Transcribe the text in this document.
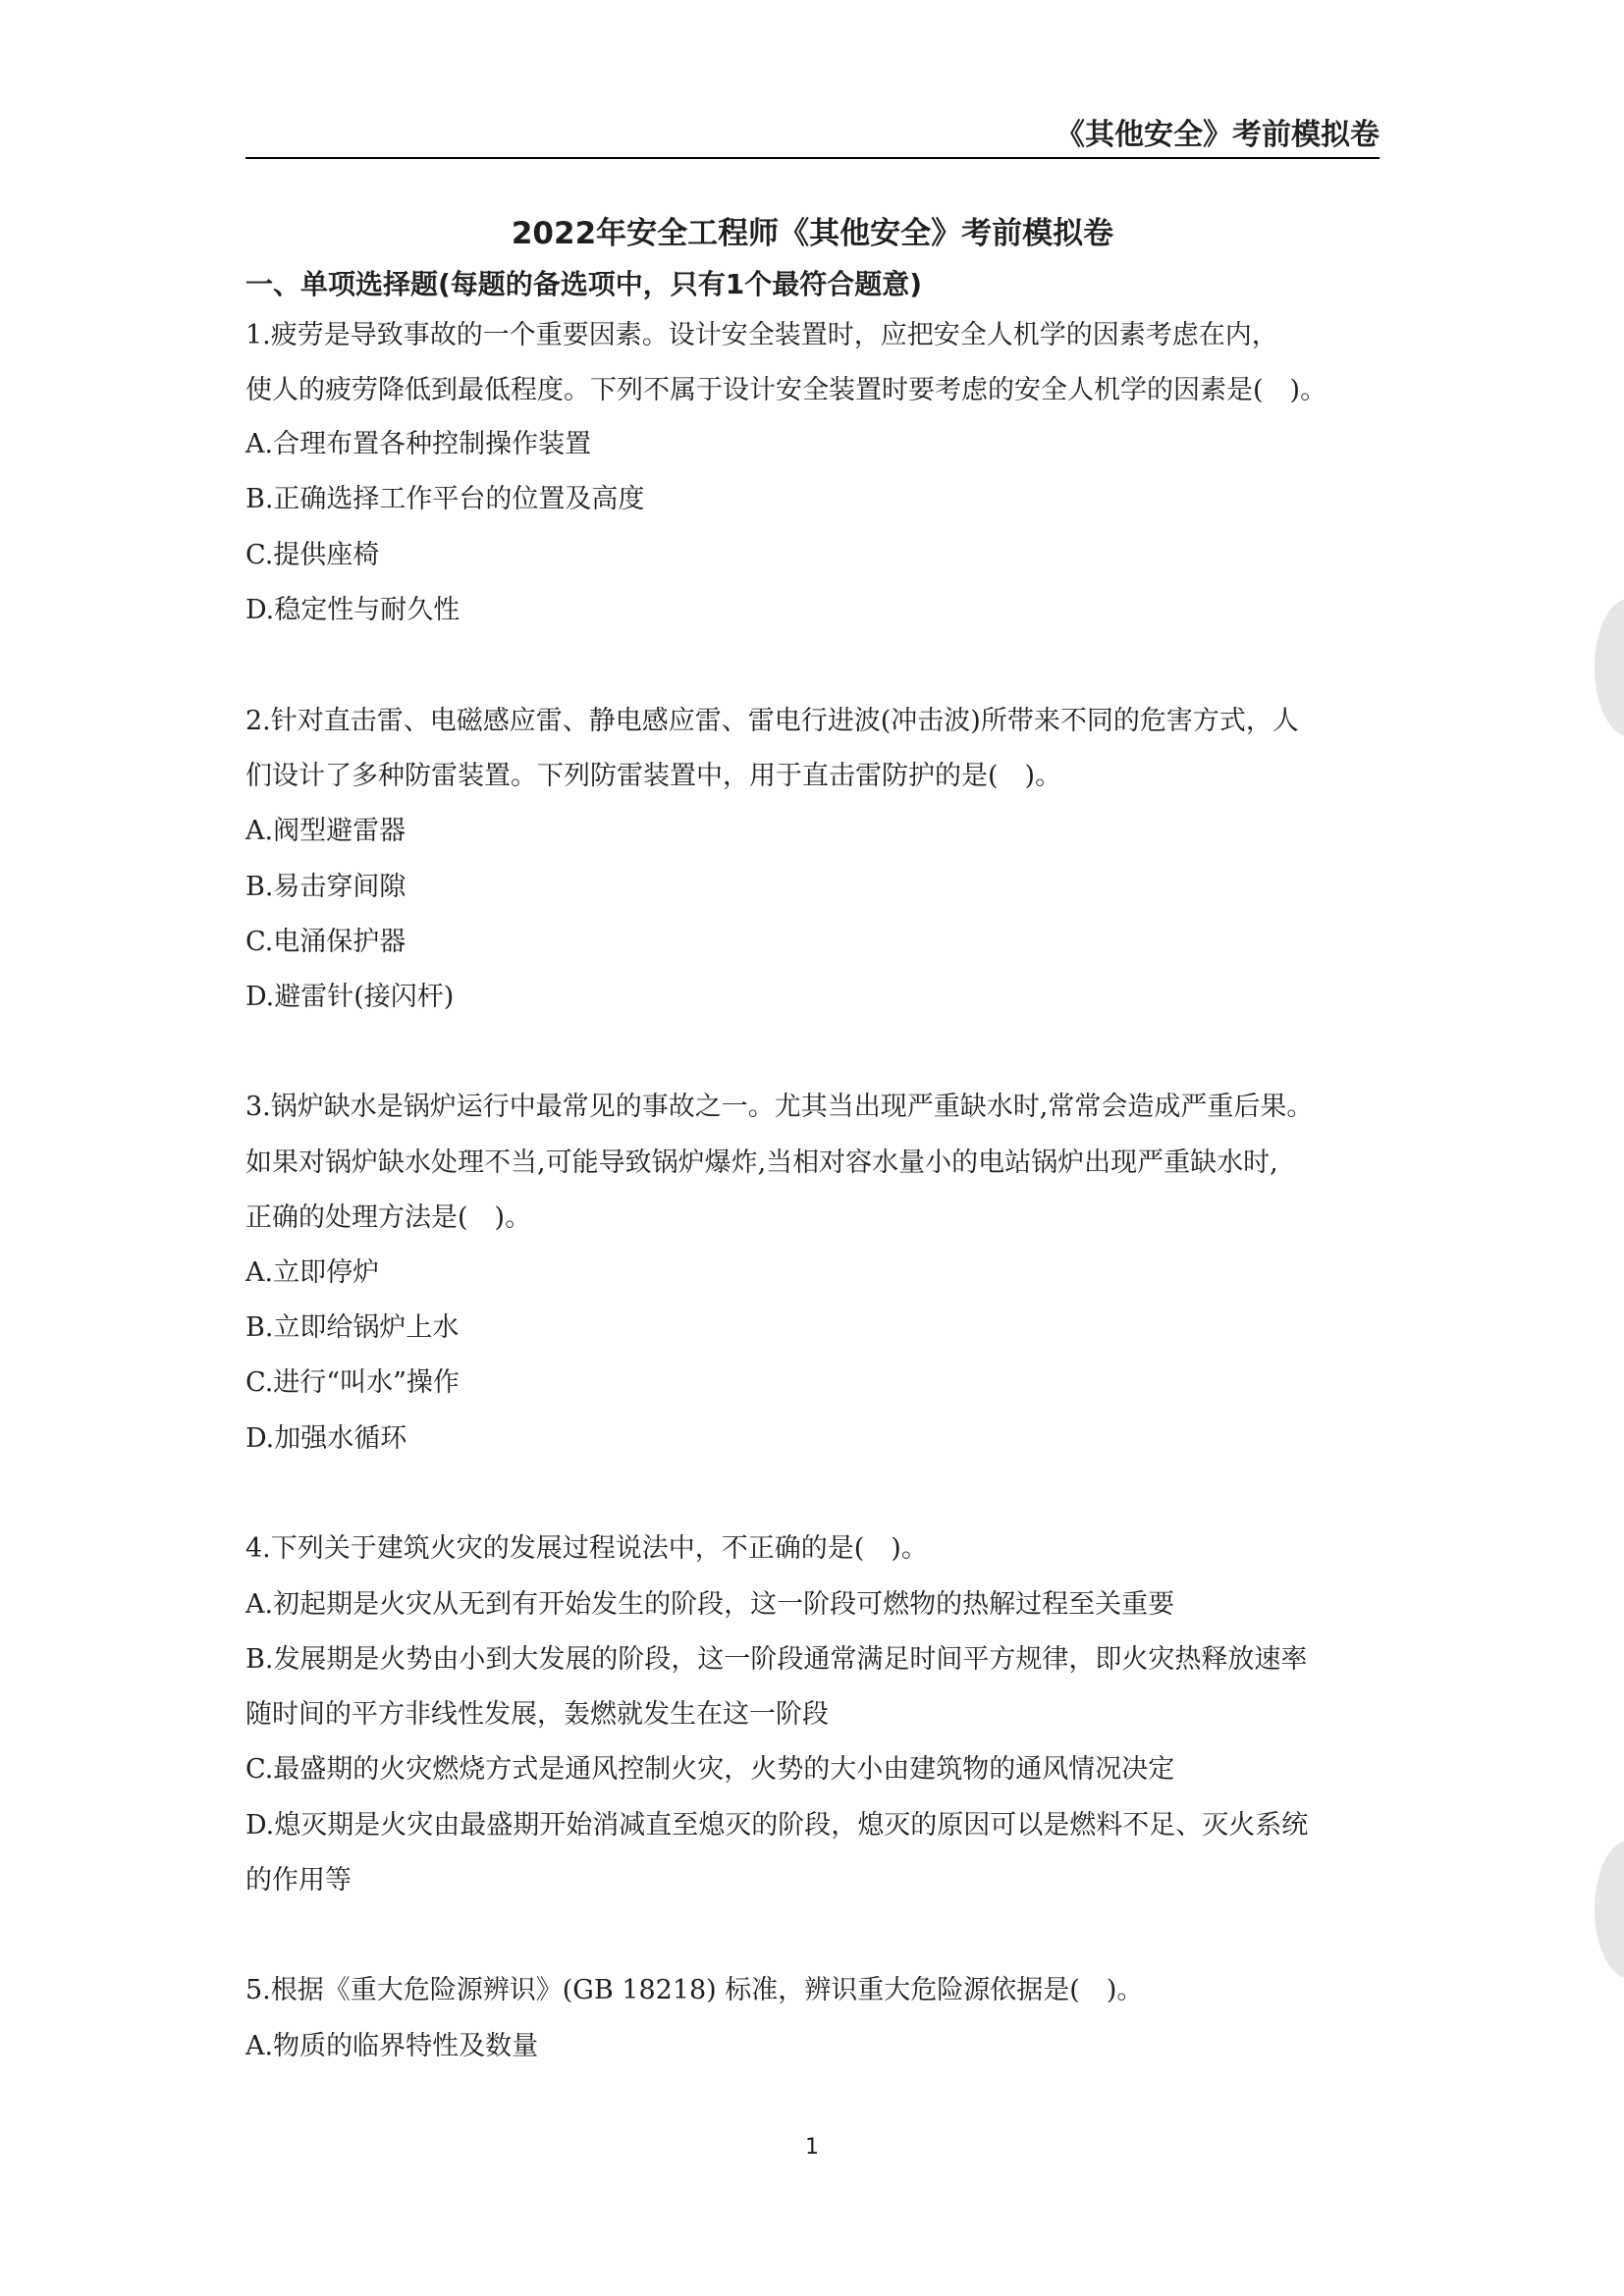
《其他安全》考前模拟卷
2022年安全工程师《其他安全》考前模拟卷
一、单项选择题(每题的备选项中，只有1个最符合题意)
1.疲劳是导致事故的一个重要因素。设计安全装置时，应把安全人机学的因素考虑在内，
使人的疲劳降低到最低程度。下列不属于设计安全装置时要考虑的安全人机学的因素是(　)。
A.合理布置各种控制操作装置
B.正确选择工作平台的位置及高度
C.提供座椅
D.稳定性与耐久性
2.针对直击雷、电磁感应雷、静电感应雷、雷电行进波(冲击波)所带来不同的危害方式，人
们设计了多种防雷装置。下列防雷装置中，用于直击雷防护的是(　)。
A.阀型避雷器
B.易击穿间隙
C.电涌保护器
D.避雷针(接闪杆)
3.锅炉缺水是锅炉运行中最常见的事故之一。尤其当出现严重缺水时,常常会造成严重后果。
如果对锅炉缺水处理不当,可能导致锅炉爆炸,当相对容水量小的电站锅炉出现严重缺水时,
正确的处理方法是(　)。
A.立即停炉
B.立即给锅炉上水
C.进行“叫水”操作
D.加强水循环
4.下列关于建筑火灾的发展过程说法中，不正确的是(　)。
A.初起期是火灾从无到有开始发生的阶段，这一阶段可燃物的热解过程至关重要
B.发展期是火势由小到大发展的阶段，这一阶段通常满足时间平方规律，即火灾热释放速率
随时间的平方非线性发展，轰燃就发生在这一阶段
C.最盛期的火灾燃烧方式是通风控制火灾，火势的大小由建筑物的通风情况决定
D.熄灭期是火灾由最盛期开始消减直至熄灭的阶段，熄灭的原因可以是燃料不足、灭火系统
的作用等
5.根据《重大危险源辨识》(GB 18218) 标准，辨识重大危险源依据是(　)。
A.物质的临界特性及数量
1
